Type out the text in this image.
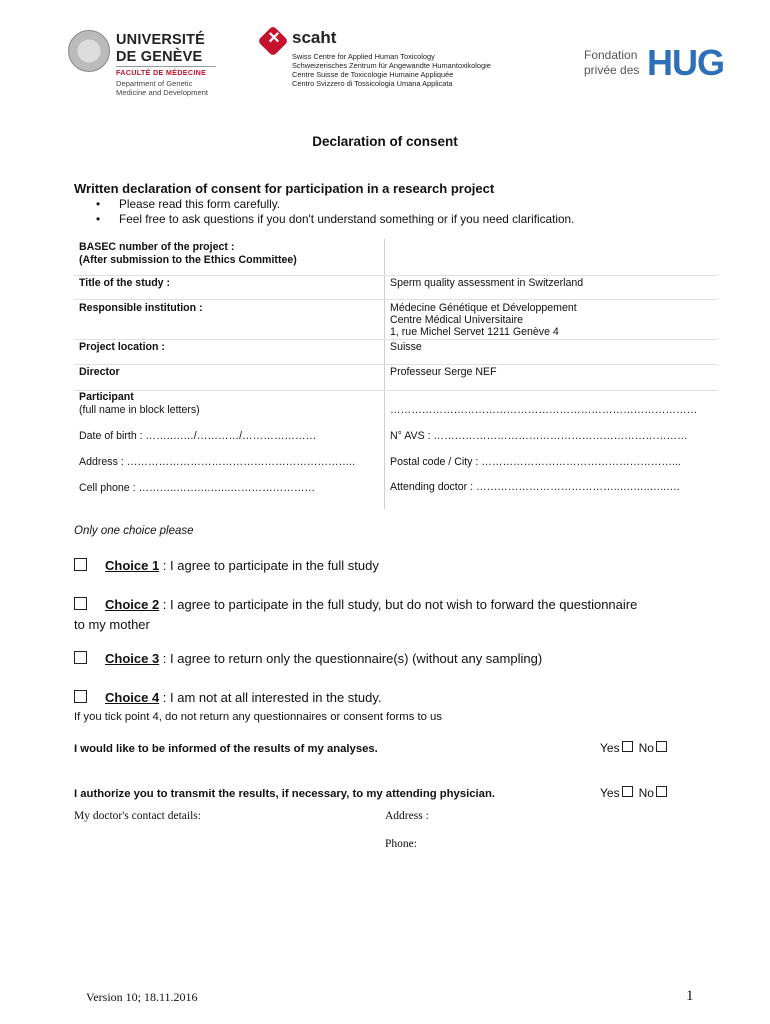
UNIVERSITÉ
DE GENÈVE
FACULTÉ DE MÉDECINE
Department of Genetic
Medicine and Development
×
scaht
Swiss Centre for Applied Human Toxicology
Schweizerisches Zentrum für Angewandte Humantoxikologie
Centre Suisse de Toxicologie Humaine Appliquée
Centro Svizzero di Tossicologia Umana Applicata
Fondation
privée des HUG
Declaration of consent
Written declaration of consent for participation in a research project
• Please read this form carefully.
• Feel free to ask questions if you don't understand something or if you need clarification.
BASEC number of the project :
(After submission to the Ethics Committee)
Title of the study :	Sperm quality assessment in Switzerland
Responsible institution :	Médecine Génétique et Développement
Centre Médical Universitaire
1, rue Michel Servet 1211 Genève 4
Project location :	Suisse
Director	Professeur Serge NEF
Participant
(full name in block letters)	……………………………………………………………………………
Date of birth : …….….…/…………/…………………	N° AVS : ………………………………………………………………
Address : ………………………………………………………..	Postal code / City : ………………………………………………...
Cell phone : ………..…….….…..……………………	Attending doctor : …………………………………..….…..…..….
Only one choice please
Choice 1 : I agree to participate in the full study
Choice 2 : I agree to participate in the full study, but do not wish to forward the questionnaire
to my mother
Choice 3 : I agree to return only the questionnaire(s) (without any sampling)
Choice 4 : I am not at all interested in the study.
If you tick point 4, do not return any questionnaires or consent forms to us
I would like to be informed of the results of my analyses.	Yes No
I authorize you to transmit the results, if necessary, to my attending physician.	Yes No
My doctor's contact details:	Address :
Phone:
Version 10; 18.11.2016	1
